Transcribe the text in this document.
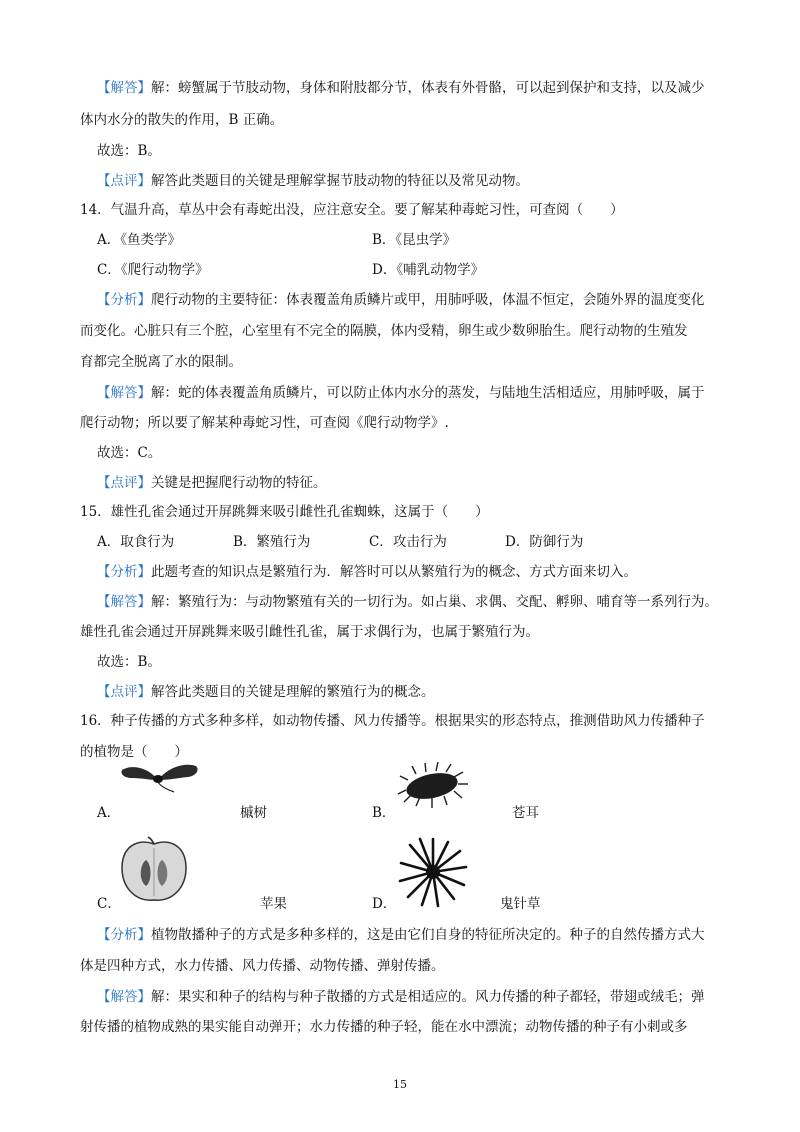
【解答】解：螃蟹属于节肢动物，身体和附肢都分节，体表有外骨骼，可以起到保护和支持，以及减少
体内水分的散失的作用，B 正确。
故选：B。
【点评】解答此类题目的关键是理解掌握节肢动物的特征以及常见动物。
14．气温升高，草丛中会有毒蛇出没，应注意安全。要了解某种毒蛇习性，可查阅（　　）
A．《鱼类学》	B．《昆虫学》
C．《爬行动物学》	D．《哺乳动物学》
【分析】爬行动物的主要特征：体表覆盖角质鳞片或甲，用肺呼吸，体温不恒定，会随外界的温度变化
而变化。心脏只有三个腔，心室里有不完全的隔膜，体内受精，卵生或少数卵胎生。爬行动物的生殖发
育都完全脱离了水的限制。
【解答】解：蛇的体表覆盖角质鳞片，可以防止体内水分的蒸发，与陆地生活相适应，用肺呼吸，属于
爬行动物；所以要了解某种毒蛇习性，可查阅《爬行动物学》.
故选：C。
【点评】关键是把握爬行动物的特征。
15．雄性孔雀会通过开屏跳舞来吸引雌性孔雀蜘蛛，这属于（　　）
A．取食行为	B．繁殖行为	C．攻击行为	D．防御行为
【分析】此题考查的知识点是繁殖行为．解答时可以从繁殖行为的概念、方式方面来切入。
【解答】解：繁殖行为：与动物繁殖有关的一切行为。如占巢、求偶、交配、孵卵、哺育等一系列行为。
雄性孔雀会通过开屏跳舞来吸引雌性孔雀，属于求偶行为，也属于繁殖行为。
故选：B。
【点评】解答此类题目的关键是理解的繁殖行为的概念。
16．种子传播的方式多种多样，如动物传播、风力传播等。根据果实的形态特点，推测借助风力传播种子
的植物是（　　）
A．	槭树	B．	苍耳
C．	苹果	D．	鬼针草
【分析】植物散播种子的方式是多种多样的，这是由它们自身的特征所决定的。种子的自然传播方式大
体是四种方式，水力传播、风力传播、动物传播、弹射传播。
【解答】解：果实和种子的结构与种子散播的方式是相适应的。风力传播的种子都轻，带翅或绒毛；弹
射传播的植物成熟的果实能自动弹开；水力传播的种子轻，能在水中漂流；动物传播的种子有小刺或多
15
